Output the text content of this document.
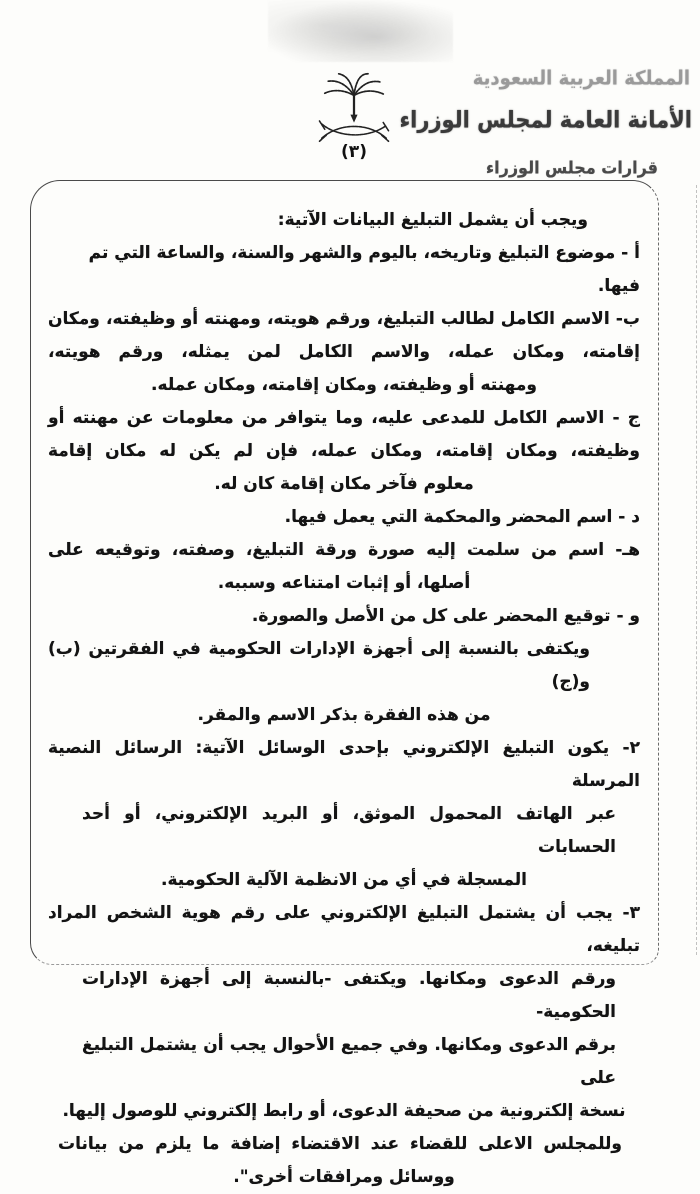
المملكة العربية السعودية
الأمانة العامة لمجلس الوزراء
قرارات مجلس الوزراء
(٣)
ويجب أن يشمل التبليغ البيانات الآتية:
أ - موضوع التبليغ وتاريخه، باليوم والشهر والسنة، والساعة التي تم فيها.
ب- الاسم الكامل لطالب التبليغ، ورقم هويته، ومهنته أو وظيفته، ومكان
إقامته، ومكان عمله، والاسم الكامل لمن يمثله، ورقم هويته،
ومهنته أو وظيفته، ومكان إقامته، ومكان عمله.
ج - الاسم الكامل للمدعى عليه، وما يتوافر من معلومات عن مهنته أو
وظيفته، ومكان إقامته، ومكان عمله، فإن لم يكن له مكان إقامة
معلوم فآخر مكان إقامة كان له.
د - اسم المحضر والمحكمة التي يعمل فيها.
هـ- اسم من سلمت إليه صورة ورقة التبليغ، وصفته، وتوقيعه على
أصلها، أو إثبات امتناعه وسببه.
و - توقيع المحضر على كل من الأصل والصورة.
ويكتفى بالنسبة إلى أجهزة الإدارات الحكومية في الفقرتين (ب) و(ج)
من هذه الفقرة بذكر الاسم والمقر.
٢- يكون التبليغ الإلكتروني بإحدى الوسائل الآتية: الرسائل النصية المرسلة
عبر الهاتف المحمول الموثق، أو البريد الإلكتروني، أو أحد الحسابات
المسجلة في أي من الانظمة الآلية الحكومية.
٣- يجب أن يشتمل التبليغ الإلكتروني على رقم هوية الشخص المراد تبليغه،
ورقم الدعوى ومكانها. ويكتفى -بالنسبة إلى أجهزة الإدارات الحكومية-
برقم الدعوى ومكانها. وفي جميع الأحوال يجب أن يشتمل التبليغ على
نسخة إلكترونية من صحيفة الدعوى، أو رابط إلكتروني للوصول إليها.
وللمجلس الاعلى للقضاء عند الاقتضاء إضافة ما يلزم من بيانات
ووسائل ومرافقات أخرى".
